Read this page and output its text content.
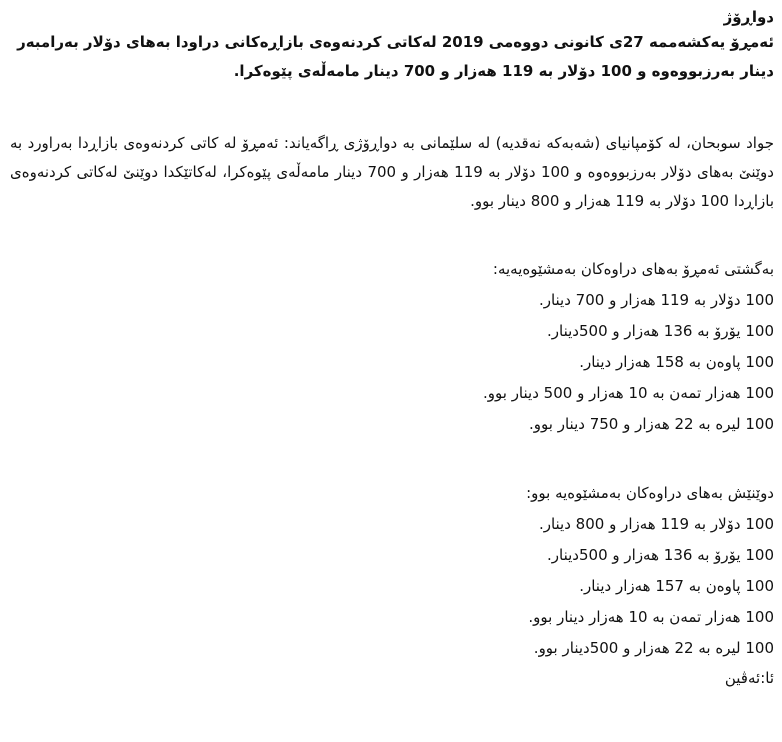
دواڕۆژ

ئەمڕۆ یەکشەممە 27ی کانونی دووەمی 2019 لەکاتی کردنەوەی بازاڕەکانی دراودا بەهای دۆلار بەرامبەر دینار بەرزبووەوە و 100 دۆلار بە 119 هەزار و 700 دینار مامەڵەی پێوەکرا.

جواد سوبحان، لە کۆمپانیای (شەبەکە نەقدیە) لە سلێمانی بە دواڕۆژی ڕاگەیاند: ئەمڕۆ لە کاتی کردنەوەی بازاڕدا بەراورد بە دوێنێ بەهای دۆلار بەرزبووەوە و 100 دۆلار بە 119 هەزار و 700 دینار مامەڵەی پێوەکرا، لەکاتێکدا دوێنێ لەکاتی کردنەوەی بازاڕدا 100 دۆلار بە 119 هەزار و 800 دینار بوو.

بەگشتی ئەمڕۆ بەهای دراوەکان بەمشێوەیەیە:
100 دۆلار بە 119 هەزار و 700 دینار.
100 یۆرۆ بە 136 هەزار و 500دینار.
100 پاوەن بە 158 هەزار دینار.
100 هەزار تمەن بە 10 هەزار و 500 دینار بوو.
100 لیرە بە 22 هەزار و 750 دینار بوو.
دوێنێش بەهای دراوەکان بەمشێوەیە بوو:
100 دۆلار بە 119 هەزار و 800 دینار.
100 یۆرۆ بە 136 هەزار و 500دینار.
100 پاوەن بە 157 هەزار دینار.
100 هەزار تمەن بە 10 هەزار دینار بوو.
100 لیرە بە 22 هەزار و 500دینار بوو.
ئا:ئەڤین
